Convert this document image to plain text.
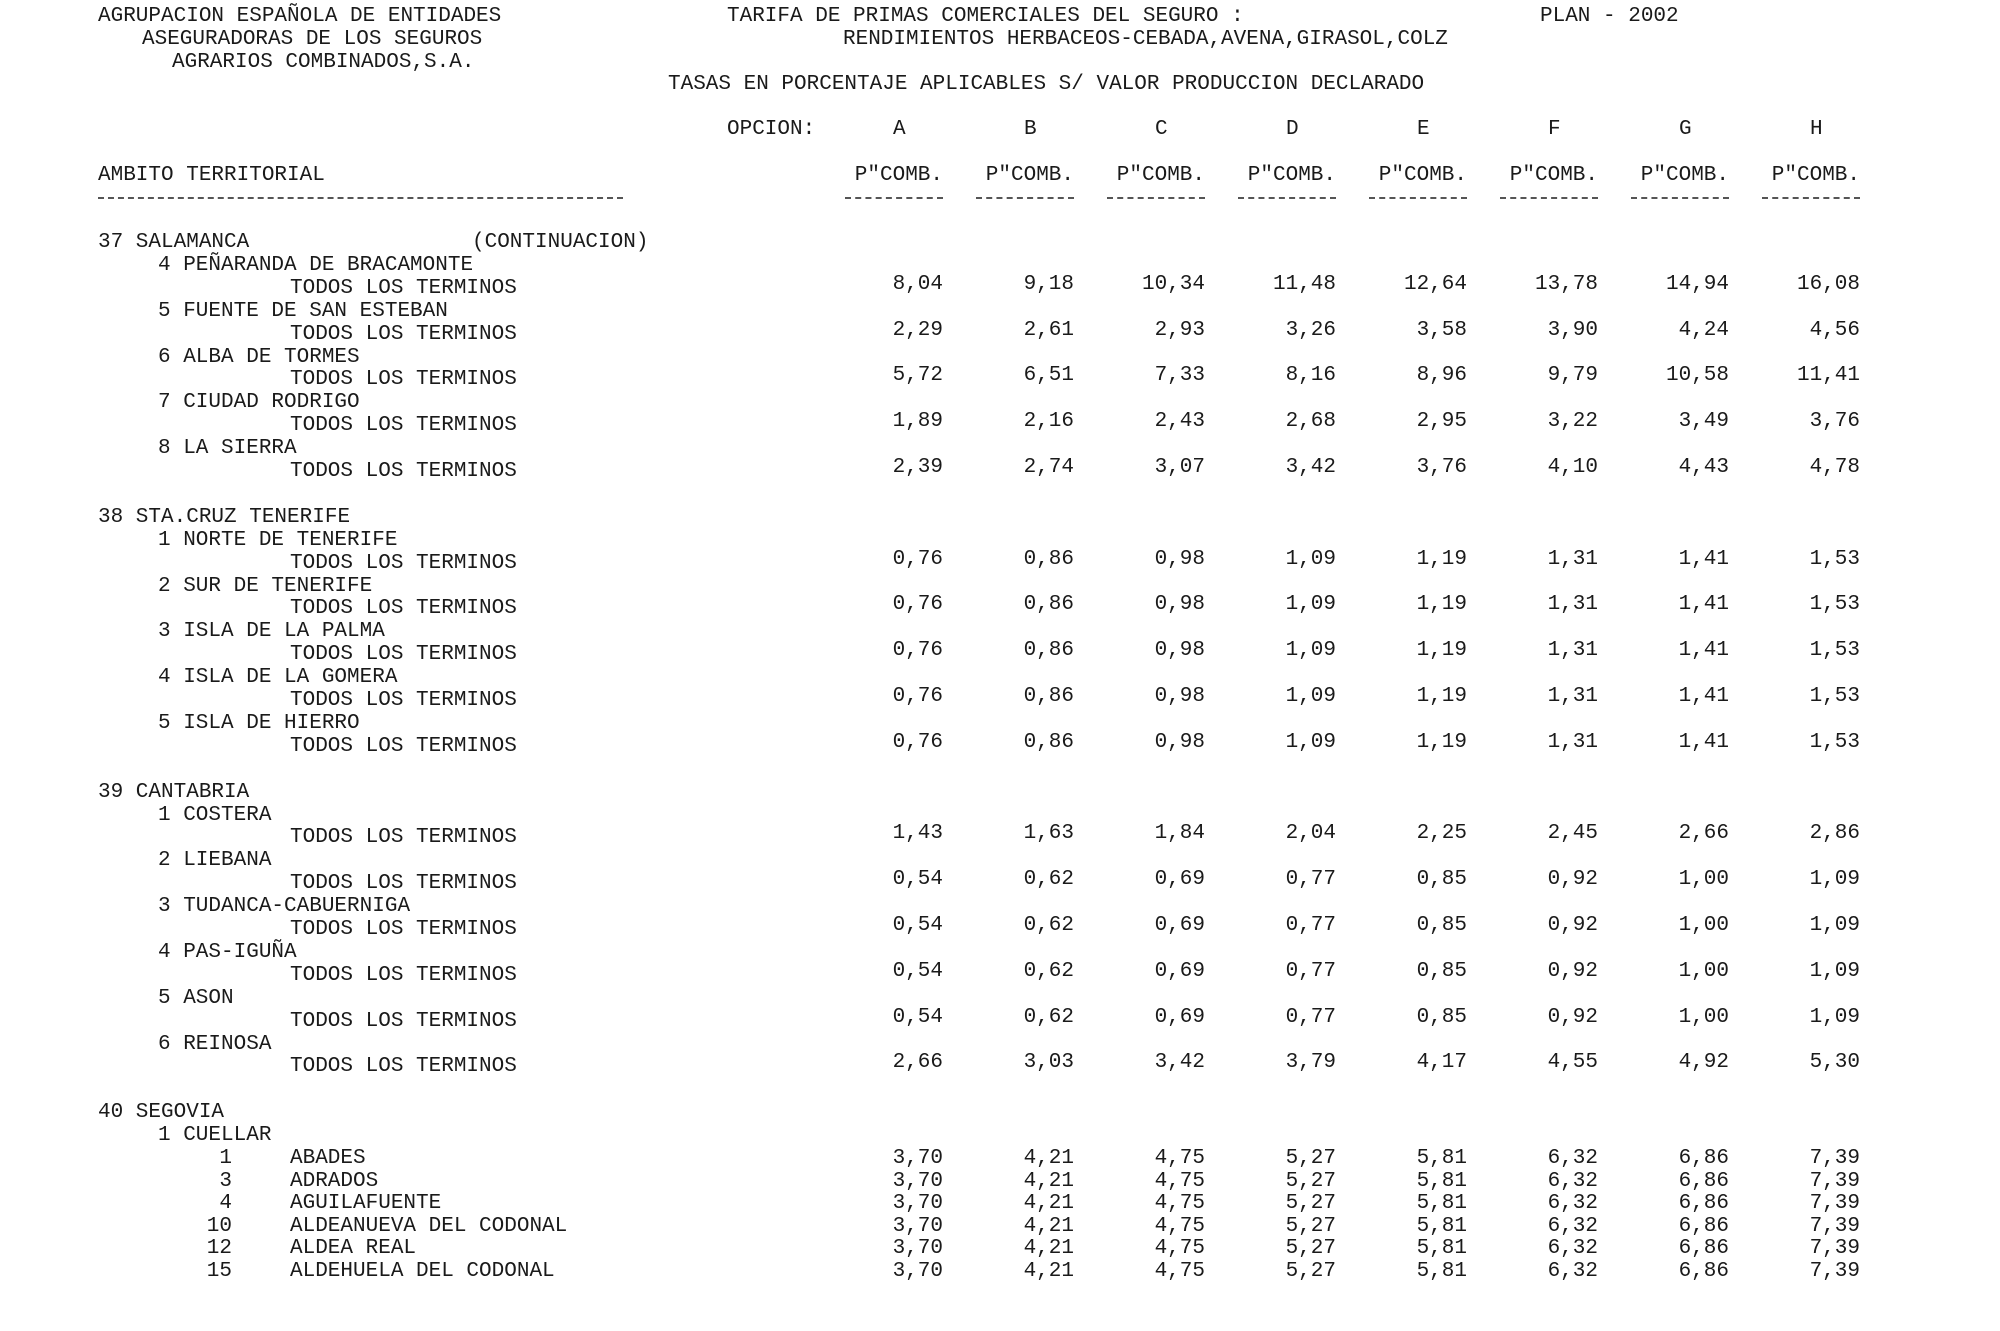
AGRUPACION ESPAÑOLA DE ENTIDADES
ASEGURADORAS DE LOS SEGUROS
AGRARIOS COMBINADOS,S.A.
TARIFA DE PRIMAS COMERCIALES DEL SEGURO :	PLAN - 2002
RENDIMIENTOS HERBACEOS-CEBADA,AVENA,GIRASOL,COLZ
TASAS EN PORCENTAJE APLICABLES S/ VALOR PRODUCCION DECLARADO
OPCION:	A	B	C	D	E	F	G	H
AMBITO TERRITORIAL	P"COMB.	P"COMB.	P"COMB.	P"COMB.	P"COMB.	P"COMB.	P"COMB.	P"COMB.
37 SALAMANCA	(CONTINUACION)
4 PEÑARANDA DE BRACAMONTE
TODOS LOS TERMINOS	8,04	9,18	10,34	11,48	12,64	13,78	14,94	16,08
5 FUENTE DE SAN ESTEBAN
TODOS LOS TERMINOS	2,29	2,61	2,93	3,26	3,58	3,90	4,24	4,56
6 ALBA DE TORMES
TODOS LOS TERMINOS	5,72	6,51	7,33	8,16	8,96	9,79	10,58	11,41
7 CIUDAD RODRIGO
TODOS LOS TERMINOS	1,89	2,16	2,43	2,68	2,95	3,22	3,49	3,76
8 LA SIERRA
TODOS LOS TERMINOS	2,39	2,74	3,07	3,42	3,76	4,10	4,43	4,78
38 STA.CRUZ TENERIFE
1 NORTE DE TENERIFE
TODOS LOS TERMINOS	0,76	0,86	0,98	1,09	1,19	1,31	1,41	1,53
2 SUR DE TENERIFE
TODOS LOS TERMINOS	0,76	0,86	0,98	1,09	1,19	1,31	1,41	1,53
3 ISLA DE LA PALMA
TODOS LOS TERMINOS	0,76	0,86	0,98	1,09	1,19	1,31	1,41	1,53
4 ISLA DE LA GOMERA
TODOS LOS TERMINOS	0,76	0,86	0,98	1,09	1,19	1,31	1,41	1,53
5 ISLA DE HIERRO
TODOS LOS TERMINOS	0,76	0,86	0,98	1,09	1,19	1,31	1,41	1,53
39 CANTABRIA
1 COSTERA
TODOS LOS TERMINOS	1,43	1,63	1,84	2,04	2,25	2,45	2,66	2,86
2 LIEBANA
TODOS LOS TERMINOS	0,54	0,62	0,69	0,77	0,85	0,92	1,00	1,09
3 TUDANCA-CABUERNIGA
TODOS LOS TERMINOS	0,54	0,62	0,69	0,77	0,85	0,92	1,00	1,09
4 PAS-IGUÑA
TODOS LOS TERMINOS	0,54	0,62	0,69	0,77	0,85	0,92	1,00	1,09
5 ASON
TODOS LOS TERMINOS	0,54	0,62	0,69	0,77	0,85	0,92	1,00	1,09
6 REINOSA
TODOS LOS TERMINOS	2,66	3,03	3,42	3,79	4,17	4,55	4,92	5,30
40 SEGOVIA
1 CUELLAR
1	ABADES	3,70	4,21	4,75	5,27	5,81	6,32	6,86	7,39
3	ADRADOS	3,70	4,21	4,75	5,27	5,81	6,32	6,86	7,39
4	AGUILAFUENTE	3,70	4,21	4,75	5,27	5,81	6,32	6,86	7,39
10	ALDEANUEVA DEL CODONAL	3,70	4,21	4,75	5,27	5,81	6,32	6,86	7,39
12	ALDEA REAL	3,70	4,21	4,75	5,27	5,81	6,32	6,86	7,39
15	ALDEHUELA DEL CODONAL	3,70	4,21	4,75	5,27	5,81	6,32	6,86	7,39
